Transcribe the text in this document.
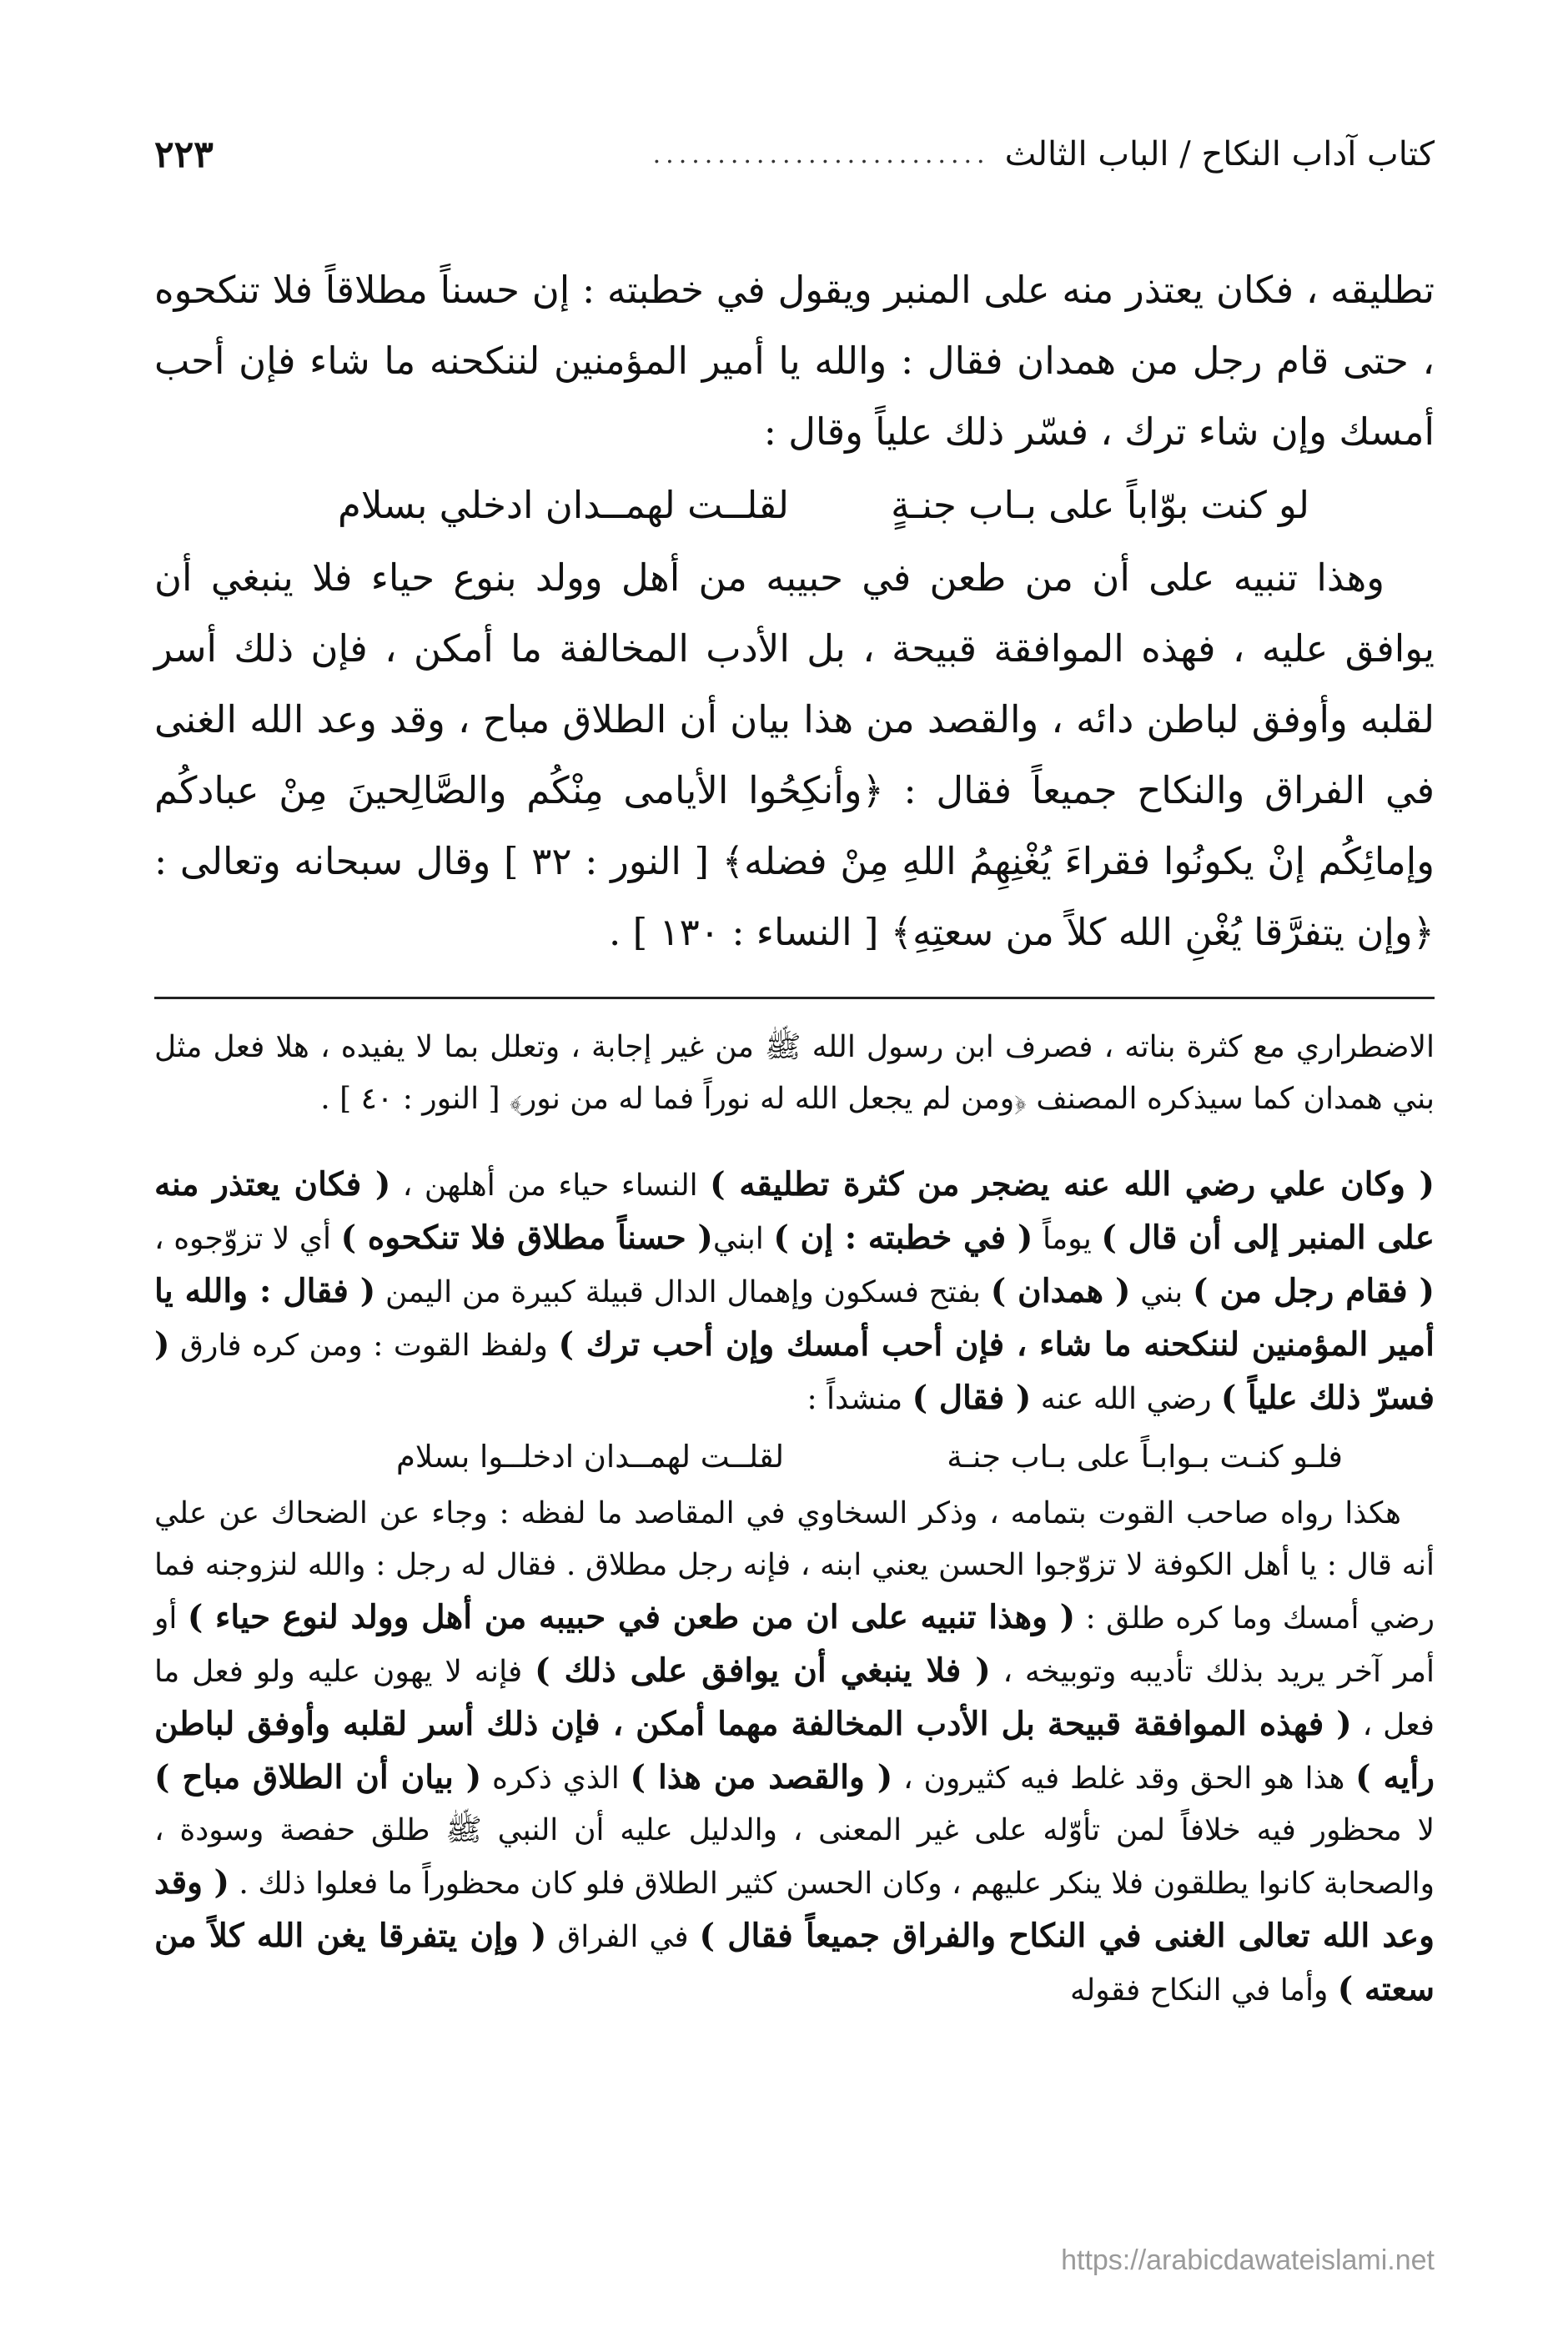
كتاب آداب النكاح / الباب الثالث
..........................
٢٢٣

تطليقه ، فكان يعتذر منه على المنبر ويقول في خطبته : إن حسناً مطلاقاً فلا تنكحوه ، حتى قام رجل من همدان فقال : والله يا أمير المؤمنين لننكحنه ما شاء فإن أحب أمسك وإن شاء ترك ، فسّر ذلك علياً وقال :

لو كنت بوّاباً على بـاب جنـةٍ
لقلــت لهمــدان ادخلي بسلام

وهذا تنبيه على أن من طعن في حبيبه من أهل وولد بنوع حياء فلا ينبغي أن يوافق عليه ، فهذه الموافقة قبيحة ، بل الأدب المخالفة ما أمكن ، فإن ذلك أسر لقلبه وأوفق لباطن دائه ، والقصد من هذا بيان أن الطلاق مباح ، وقد وعد الله الغنى في الفراق والنكاح جميعاً فقال : ﴿وأنكِحُوا الأيامى مِنْكُم والصَّالِحينَ مِنْ عبادكُم وإمائِكُم إنْ يكونُوا فقراءَ يُغْنِهِمُ اللهِ مِنْ فضله﴾ [ النور : ٣٢ ] وقال سبحانه وتعالى : ﴿وإن يتفرَّقا يُغْنِ الله كلاً من سعتِهِ﴾ [ النساء : ١٣٠ ] .

الاضطراري مع كثرة بناته ، فصرف ابن رسول الله ﷺ من غير إجابة ، وتعلل بما لا يفيده ، هلا فعل مثل بني همدان كما سيذكره المصنف ﴿ومن لم يجعل الله له نوراً فما له من نور﴾ [ النور : ٤٠ ] .

( وكان علي رضي الله عنه يضجر من كثرة تطليقه ) النساء حياء من أهلهن ، ( فكان يعتذر منه على المنبر إلى أن قال ) يوماً ( في خطبته : إن ) ابني( حسناً مطلاق فلا تنكحوه ) أي لا تزوّجوه ، ( فقام رجل من ) بني ( همدان ) بفتح فسكون وإهمال الدال قبيلة كبيرة من اليمن ( فقال : والله يا أمير المؤمنين لننكحنه ما شاء ، فإن أحب أمسك وإن أحب ترك ) ولفظ القوت : ومن كره فارق ( فسرّ ذلك علياً ) رضي الله عنه ( فقال ) منشداً :

فلـو كنـت بـوابـاً على بـاب جنـة
لقلــت لهمــدان ادخلــوا بسلام

هكذا رواه صاحب القوت بتمامه ، وذكر السخاوي في المقاصد ما لفظه : وجاء عن الضحاك عن علي أنه قال : يا أهل الكوفة لا تزوّجوا الحسن يعني ابنه ، فإنه رجل مطلاق . فقال له رجل : والله لنزوجنه فما رضي أمسك وما كره طلق : ( وهذا تنبيه على ان من طعن في حبيبه من أهل وولد لنوع حياء ) أو أمر آخر يريد بذلك تأديبه وتوبيخه ، ( فلا ينبغي أن يوافق على ذلك ) فإنه لا يهون عليه ولو فعل ما فعل ، ( فهذه الموافقة قبيحة بل الأدب المخالفة مهما أمكن ، فإن ذلك أسر لقلبه وأوفق لباطن رأيه ) هذا هو الحق وقد غلط فيه كثيرون ، ( والقصد من هذا ) الذي ذكره ( بيان أن الطلاق مباح ) لا محظور فيه خلافاً لمن تأوّله على غير المعنى ، والدليل عليه أن النبي ﷺ طلق حفصة وسودة ، والصحابة كانوا يطلقون فلا ينكر عليهم ، وكان الحسن كثير الطلاق فلو كان محظوراً ما فعلوا ذلك . ( وقد وعد الله تعالى الغنى في النكاح والفراق جميعاً فقال ) في الفراق ( وإن يتفرقا يغن الله كلاً من سعته ) وأما في النكاح فقوله

https://arabicdawateislami.net
